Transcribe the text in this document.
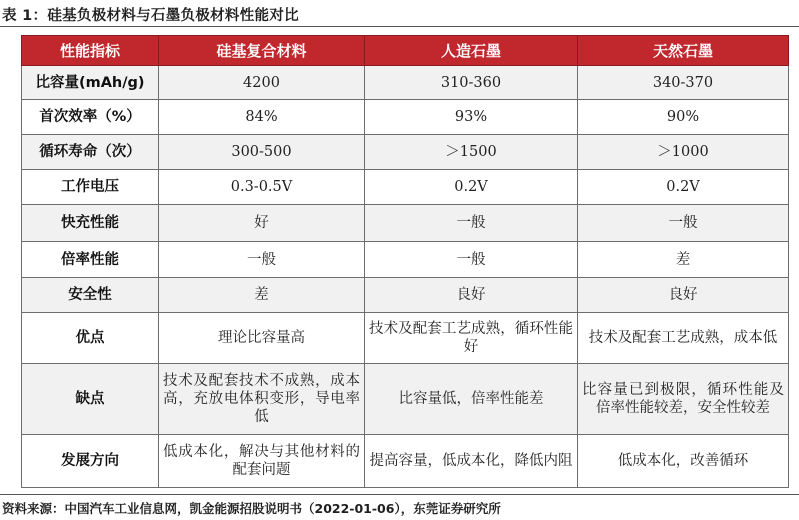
表 1：硅基负极材料与石墨负极材料性能对比
性能指标	硅基复合材料	人造石墨	天然石墨
比容量(mAh/g)	4200	310-360	340-370
首次效率（%）	84%	93%	90%
循环寿命（次）	300-500	＞1500	＞1000
工作电压	0.3-0.5V	0.2V	0.2V
快充性能	好	一般	一般
倍率性能	一般	一般	差
安全性	差	良好	良好
优点	理论比容量高	技术及配套工艺成熟，循环性能好	技术及配套工艺成熟，成本低
缺点	技术及配套技术不成熟，成本高，充放电体积变形，导电率低	比容量低，倍率性能差	比容量已到极限，循环性能及倍率性能较差，安全性较差
发展方向	低成本化，解决与其他材料的配套问题	提高容量，低成本化，降低内阻	低成本化，改善循环
资料来源：中国汽车工业信息网，凯金能源招股说明书（2022-01-06），东莞证券研究所
